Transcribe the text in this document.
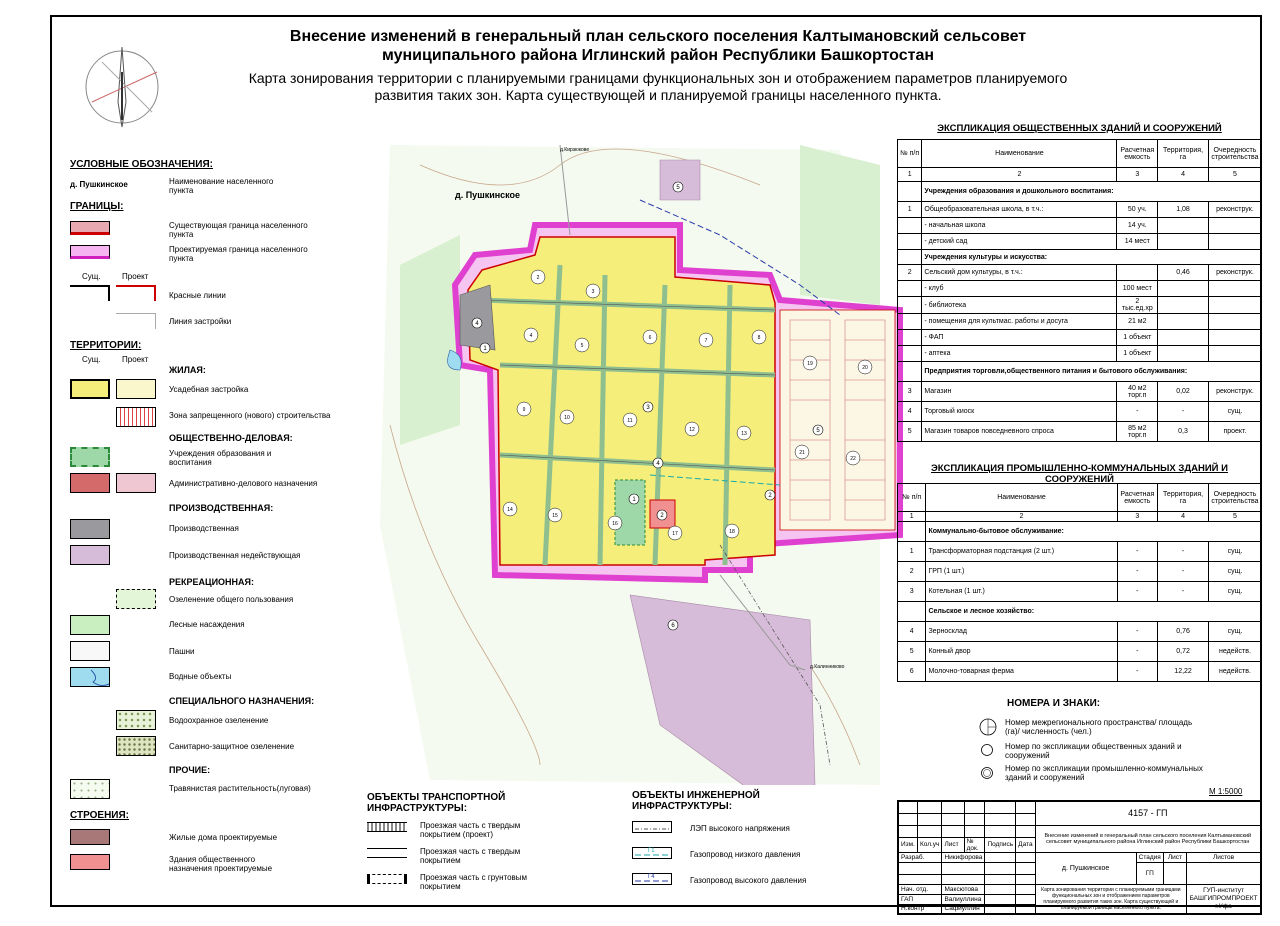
Внесение изменений в генеральный план сельского поселения Калтымановский сельсовет
муниципального района Иглинский район Республики Башкортостан
Карта зонирования территории с планируемыми границами функциональных зон и отображением параметров планируемого
развития таких зон. Карта существующей и планируемой границы населенного пункта.
УСЛОВНЫЕ ОБОЗНАЧЕНИЯ:
д. Пушкинское	Наименование населенного пункта
ГРАНИЦЫ:
Существующая граница населенного пункта
Проектируемая граница населенного пункта
Сущ.	Проект
Красные линии
Линия застройки
ТЕРРИТОРИИ:
Сущ.	Проект
ЖИЛАЯ:
Усадебная застройка
Зона запрещенного (нового) строительства
ОБЩЕСТВЕННО-ДЕЛОВАЯ:
Учреждения образования и воспитания
Административно-делового назначения
ПРОИЗВОДСТВЕННАЯ:
Производственная
Производственная недействующая
РЕКРЕАЦИОННАЯ:
Озеленение общего пользования
Лесные насаждения
Пашни
Водные объекты
СПЕЦИАЛЬНОГО НАЗНАЧЕНИЯ:
Водоохранное озеленение
Санитарно-защитное озеленение
ПРОЧИЕ:
Травянистая растительность(луговая)
СТРОЕНИЯ:
Жилые дома проектируемые
Здания общественного назначения проектируемые
д. Пушкинское
д.Кирзюкове
д.Калинниково
5
4
1
3
4
1
2
2
5
6
2
3
4
5
6	7	8
9
10	11
12
13
14
15
16
17	18
19
20
21
22
ОБЪЕКТЫ ТРАНСПОРТНОЙ
ИНФРАСТРУКТУРЫ:
Проезжая часть с твердым покрытием (проект)
Проезжая часть с твердым покрытием
Проезжая часть с грунтовым покрытием
ОБЪЕКТЫ ИНЖЕНЕРНОЙ
ИНФРАСТРУКТУРЫ:
ЛЭП высокого напряжения
Г1	Газопровод низкого давления
Г4	Газопровод высокого давления
ЭКСПЛИКАЦИЯ ОБЩЕСТВЕННЫХ ЗДАНИЙ И СООРУЖЕНИЙ
№ п/п	Наименование	Расчетная емкость	Территория, га	Очередность строительства
1	2	3	4	5
	Учреждения образования и дошкольного воспитания:			
1	Общеобразовательная школа, в т.ч.:	50 уч.	1,08	реконструк.
	- начальная школа	14 уч.		
	- детский сад	14 мест		
	Учреждения культуры и искусства:			
2	Сельский дом культуры, в т.ч.:		0,46	реконструк.
	- клуб	100 мест		
	- библиотека	2 тыс.ед.хр		
	- помещения для культмас. работы и досуга	21 м2		
	- ФАП	1 объект		
	- аптека	1 объект		
	Предприятия торговли,общественного питания и бытового обслуживания:			
3	Магазин	40 м2 торг.п	0,02	реконструк.
4	Торговый киоск	-	-	сущ.
5	Магазин товаров повседневного спроса	85 м2 торг.п	0,3	проект.
ЭКСПЛИКАЦИЯ ПРОМЫШЛЕННО-КОММУНАЛЬНЫХ ЗДАНИЙ И СООРУЖЕНИЙ
№ п/п	Наименование	Расчетная емкость	Территория, га	Очередность строительства
1	2	3	4	5
	Коммунально-бытовое обслуживание:			
1	Трансформаторная подстанция (2 шт.)	-	-	сущ.
2	ГРП (1 шт.)	-	-	сущ.
3	Котельная (1 шт.)	-	-	сущ.
	Сельское и лесное хозяйство:			
4	Зерносклад	-	0,76	сущ.
5	Конный двор	-	0,72	недейств.
6	Молочно-товарная ферма	-	12,22	недейств.
НОМЕРА И ЗНАКИ:
Номер межрегионального пространства/ площадь (га)/ численность (чел.)
Номер по экспликации общественных зданий и сооружений
Номер по экспликации промышленно-коммунальных зданий и сооружений
М 1:5000
						4157 - ГП			

						Внесение изменений в генеральный план сельского поселения Калтымановский сельсовет муниципального района Иглинский район Республики Башкортостан			
Изм.	Кол.уч	Лист	№ док.	Подпись	Дата				
Разраб.		Никифорова				д. Пушкинское	Стадия	Лист	Листов
							ГП		

Нач. отд.		Максютова				Карта зонирования территории с планируемыми границами функциональных зон и отображением параметров планируемого развития таких зон. Карта существующей и планируемой границы населенного пункта.			ГУП-институт
БАШГИПРОМПРОЕКТ
г.Уфа
ГАП		Валиуллина							
Н.контр		Сафиуллин							
